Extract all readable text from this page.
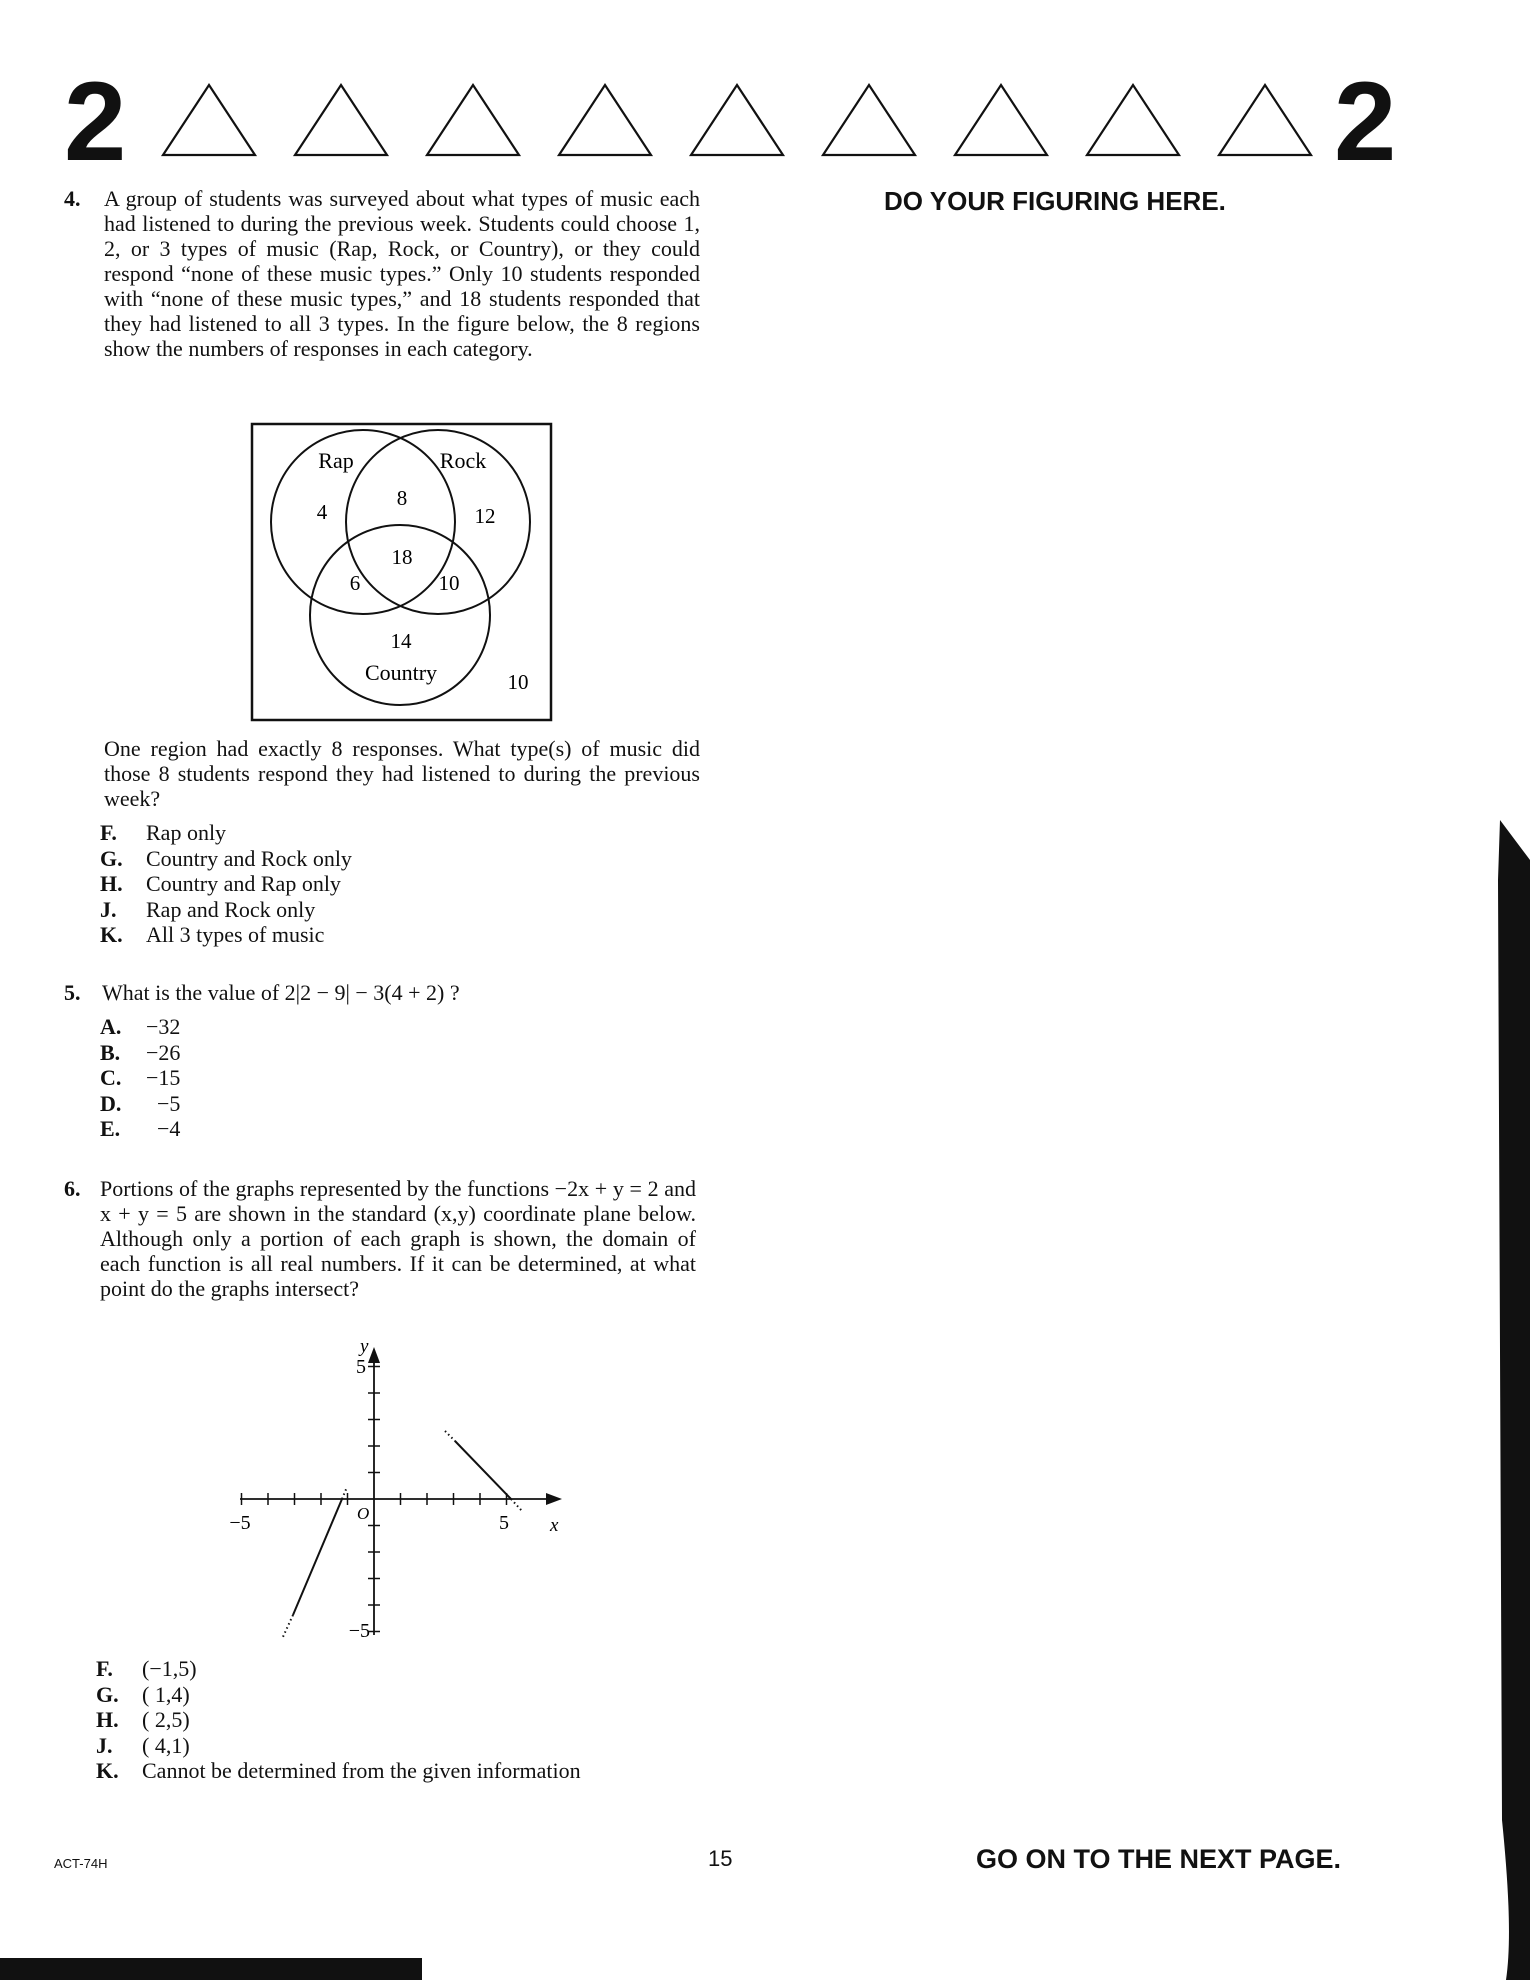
2	2
DO YOUR FIGURING HERE.
4. A group of students was surveyed about what types of music each had listened to during the previous week. Students could choose 1, 2, or 3 types of music (Rap, Rock, or Country), or they could respond “none of these music types.” Only 10 students responded with “none of these music types,” and 18 students responded that they had listened to all 3 types. In the figure below, the 8 regions show the numbers of responses in each category.
Rap	Rock
4
8
12
18
6	10
14
Country	10
One region had exactly 8 responses. What type(s) of music did those 8 students respond they had listened to during the previous week?
F.	Rap only
G.	Country and Rock only
H.	Country and Rap only
J.	Rap and Rock only
K.	All 3 types of music
5. What is the value of 2|2 − 9| − 3(4 + 2) ?
A.	−32
B.	−26
C.	−15
D.	−5
E.	−4
6. Portions of the graphs represented by the functions −2x + y = 2 and x + y = 5 are shown in the standard (x,y) coordinate plane below. Although only a portion of each graph is shown, the domain of each function is all real numbers. If it can be determined, at what point do the graphs intersect?
y
5
−5
−5	5
O
x
F.	(−1,5)
G.	( 1,4)
H.	( 2,5)
J.	( 4,1)
K.	Cannot be determined from the given information
ACT-74H	15	GO ON TO THE NEXT PAGE.
